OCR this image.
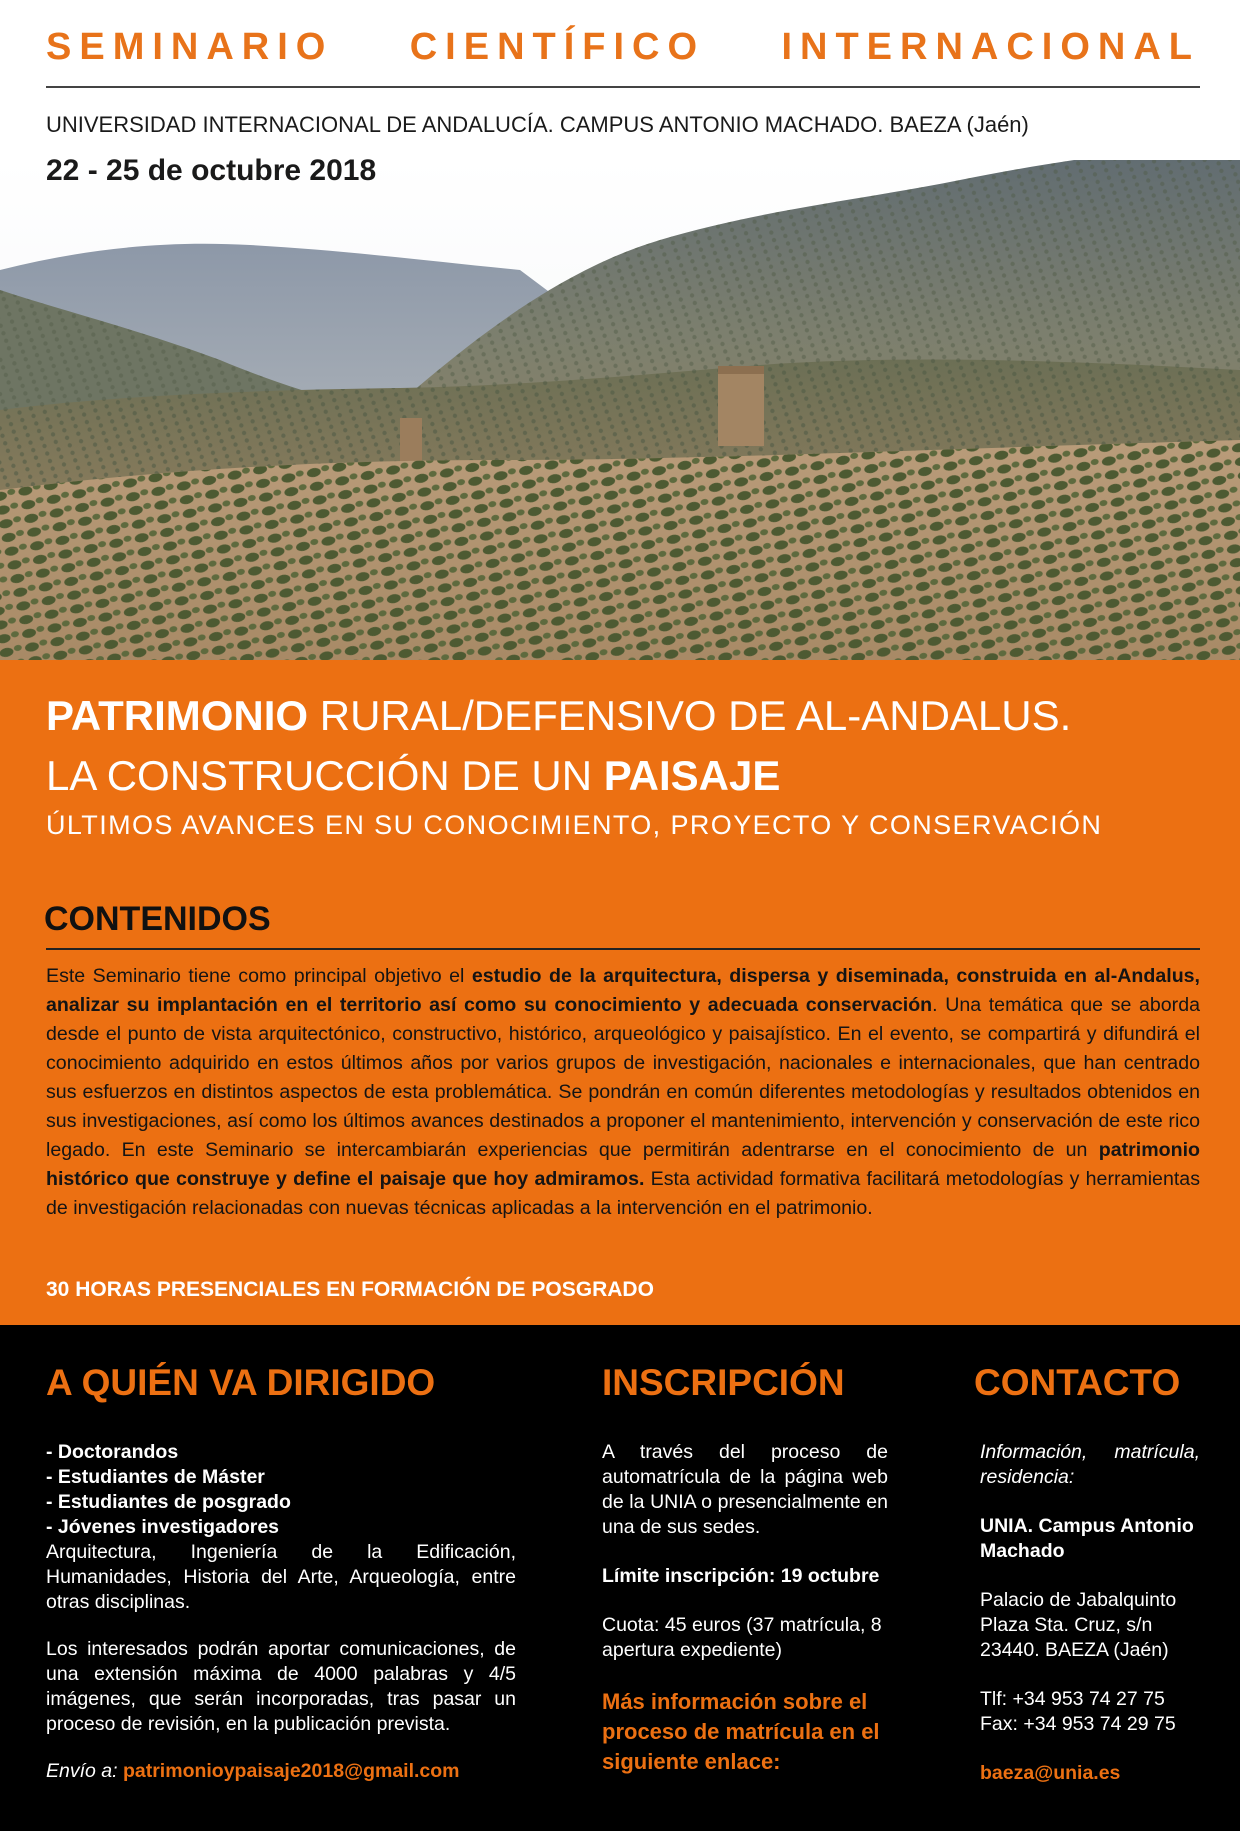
SEMINARIO CIENTÍFICO INTERNACIONAL
UNIVERSIDAD INTERNACIONAL DE ANDALUCÍA. CAMPUS ANTONIO MACHADO. BAEZA (Jaén)
22 - 25 de octubre 2018
PATRIMONIO RURAL/DEFENSIVO DE AL-ANDALUS.
LA CONSTRUCCIÓN DE UN PAISAJE
ÚLTIMOS AVANCES EN SU CONOCIMIENTO, PROYECTO Y CONSERVACIÓN
CONTENIDOS
Este Seminario tiene como principal objetivo el estudio de la arquitectura, dispersa y diseminada, construida en al-Andalus, analizar su implantación en el territorio así como su conocimiento y adecuada conservación. Una temática que se aborda desde el punto de vista arquitectónico, constructivo, histórico, arqueológico y paisajístico. En el evento, se compartirá y difundirá el conocimiento adquirido en estos últimos años por varios grupos de investigación, nacionales e internacionales, que han centrado sus esfuerzos en distintos aspectos de esta problemática. Se pondrán en común diferentes metodologías y resultados obtenidos en sus investigaciones, así como los últimos avances destinados a proponer el mantenimiento, intervención y conservación de este rico legado. En este Seminario se intercambiarán experiencias que permitirán adentrarse en el conocimiento de un patrimonio histórico que construye y define el paisaje que hoy admiramos. Esta actividad formativa facilitará metodologías y herramientas de investigación relacionadas con nuevas técnicas aplicadas a la intervención en el patrimonio.
30 HORAS PRESENCIALES EN FORMACIÓN DE POSGRADO
A QUIÉN VA DIRIGIDO	INSCRIPCIÓN	CONTACTO
- Doctorandos
- Estudiantes de Máster
- Estudiantes de posgrado
- Jóvenes investigadores
Arquitectura, Ingeniería de la Edificación, Humanidades, Historia del Arte, Arqueología, entre otras disciplinas.
Los interesados podrán aportar comunicaciones, de una extensión máxima de 4000 palabras y 4/5 imágenes, que serán incorporadas, tras pasar un proceso de revisión, en la publicación prevista.
Envío a: patrimonioypaisaje2018@gmail.com
A través del proceso de automatrícula de la página web de la UNIA o presencialmente en una de sus sedes.
Límite inscripción: 19 octubre
Cuota: 45 euros (37 matrícula, 8 apertura expediente)
Más información sobre el proceso de matrícula en el siguiente enlace:
Información, matrícula, residencia:
UNIA. Campus Antonio Machado
Palacio de Jabalquinto
Plaza Sta. Cruz, s/n
23440. BAEZA (Jaén)
Tlf: +34 953 74 27 75
Fax: +34 953 74 29 75
baeza@unia.es
